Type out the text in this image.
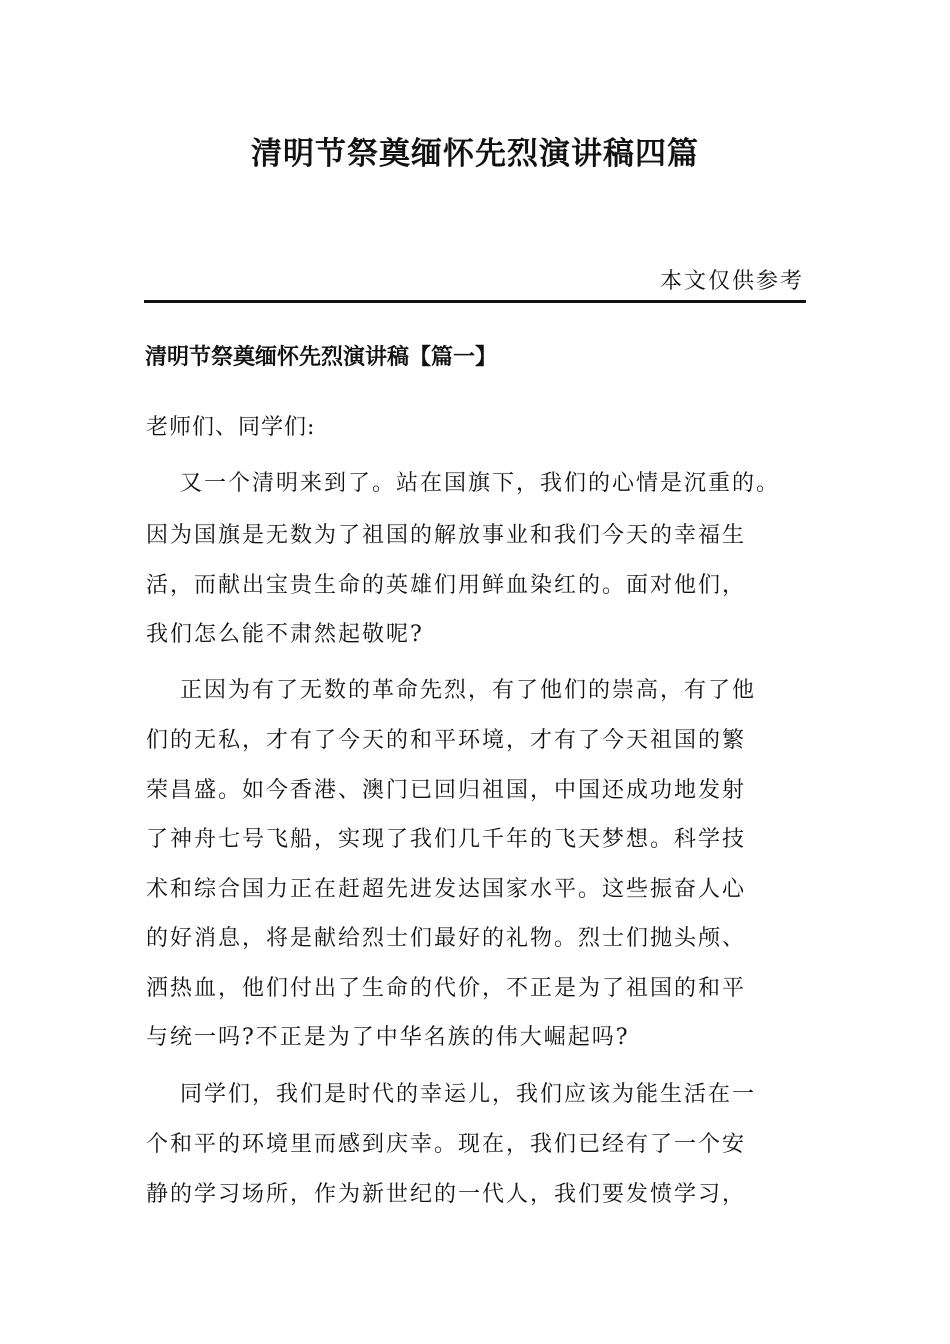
清明节祭奠缅怀先烈演讲稿四篇
本文仅供参考
清明节祭奠缅怀先烈演讲稿【篇一】

老师们、同学们:

又一个清明来到了。站在国旗下，我们的心情是沉重的。

因为国旗是无数为了祖国的解放事业和我们今天的幸福生

活，而献出宝贵生命的英雄们用鲜血染红的。面对他们，

我们怎么能不肃然起敬呢?

正因为有了无数的革命先烈，有了他们的崇高，有了他

们的无私，才有了今天的和平环境，才有了今天祖国的繁

荣昌盛。如今香港、澳门已回归祖国，中国还成功地发射

了神舟七号飞船，实现了我们几千年的飞天梦想。科学技

术和综合国力正在赶超先进发达国家水平。这些振奋人心

的好消息，将是献给烈士们最好的礼物。烈士们抛头颅、

洒热血，他们付出了生命的代价，不正是为了祖国的和平

与统一吗?不正是为了中华名族的伟大崛起吗?

同学们，我们是时代的幸运儿，我们应该为能生活在一

个和平的环境里而感到庆幸。现在，我们已经有了一个安

静的学习场所，作为新世纪的一代人，我们要发愤学习，
